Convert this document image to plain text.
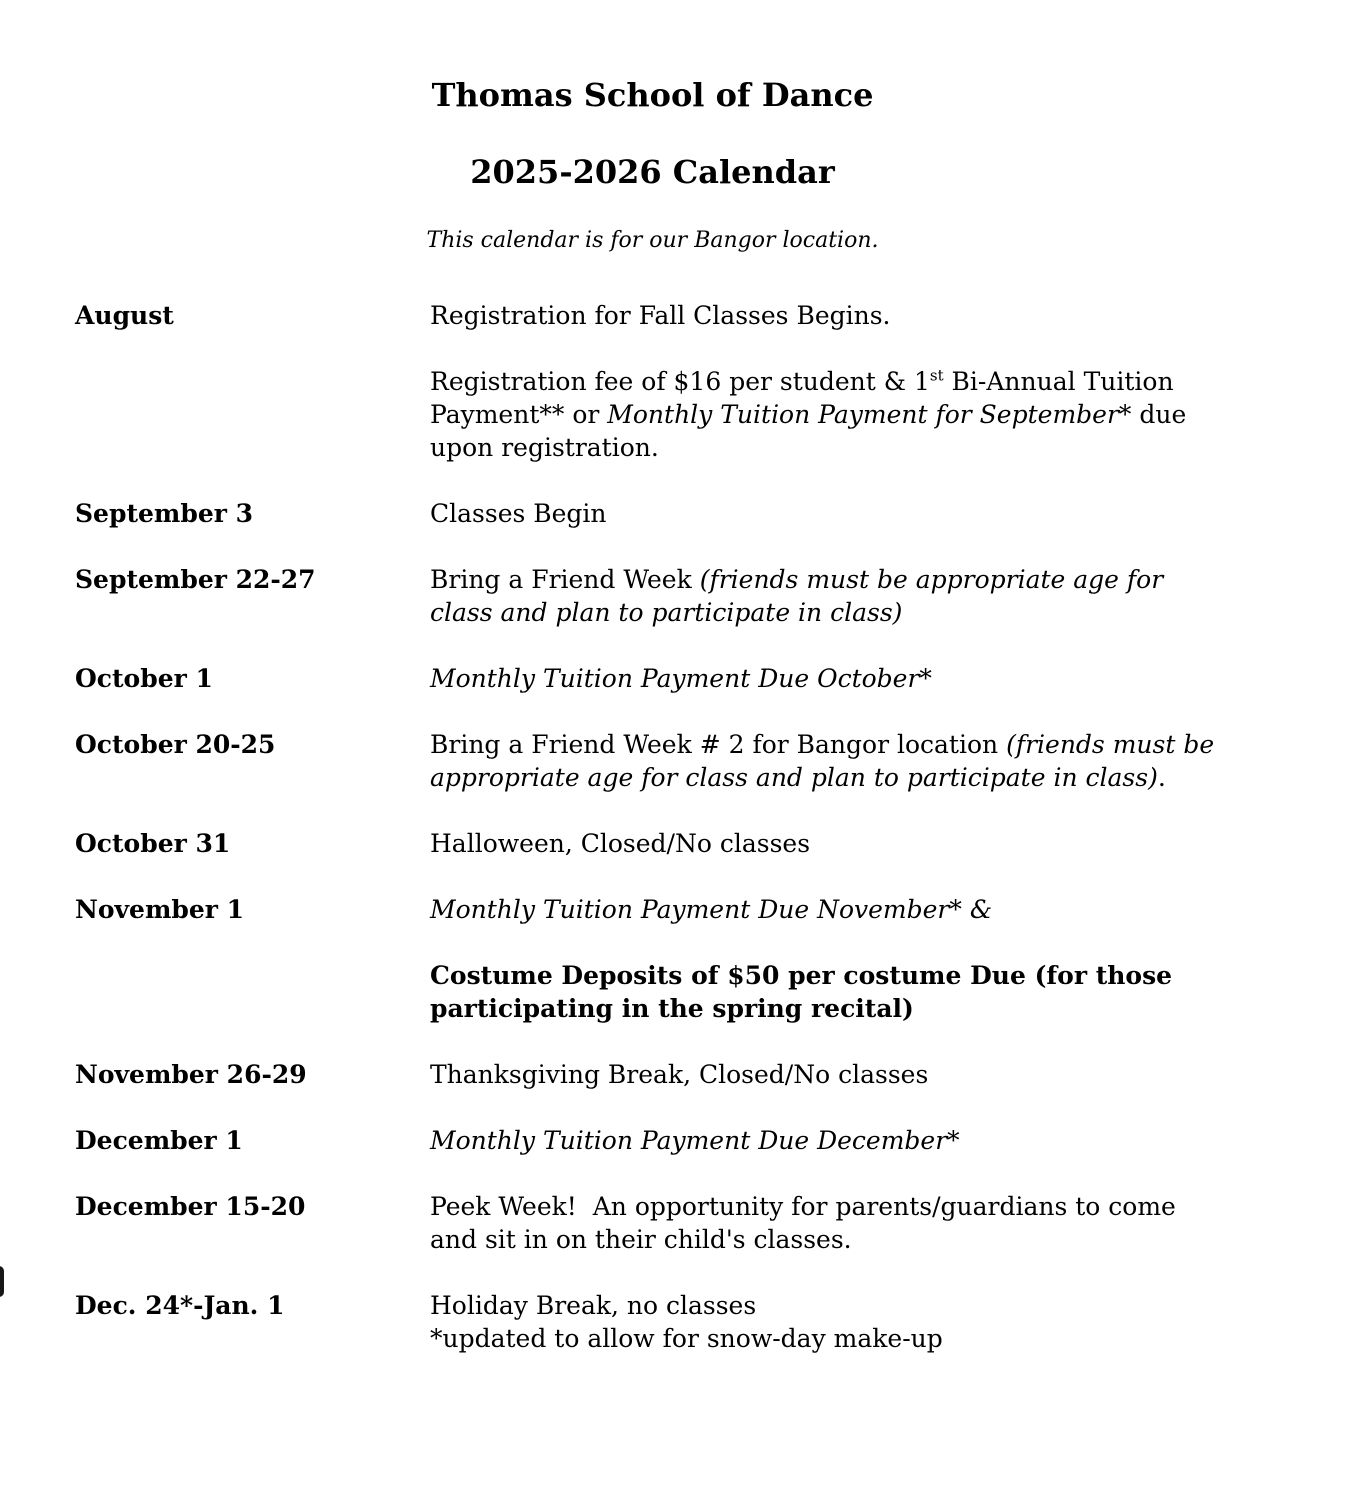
Thomas School of Dance
2025-2026 Calendar

This calendar is for our Bangor location.

August	Registration for Fall Classes Begins.
Registration fee of $16 per student & 1st Bi-Annual Tuition Payment** or Monthly Tuition Payment for September* due upon registration.
September 3	Classes Begin
September 22-27	Bring a Friend Week (friends must be appropriate age for class and plan to participate in class)
October 1	Monthly Tuition Payment Due October*
October 20-25	Bring a Friend Week # 2 for Bangor location (friends must be appropriate age for class and plan to participate in class).
October 31	Halloween, Closed/No classes
November 1	Monthly Tuition Payment Due November* &
Costume Deposits of $50 per costume Due (for those participating in the spring recital)
November 26-29	Thanksgiving Break, Closed/No classes
December 1	Monthly Tuition Payment Due December*
December 15-20	Peek Week!  An opportunity for parents/guardians to come and sit in on their child's classes.
Dec. 24*-Jan. 1	Holiday Break, no classes
*updated to allow for snow-day make-up
